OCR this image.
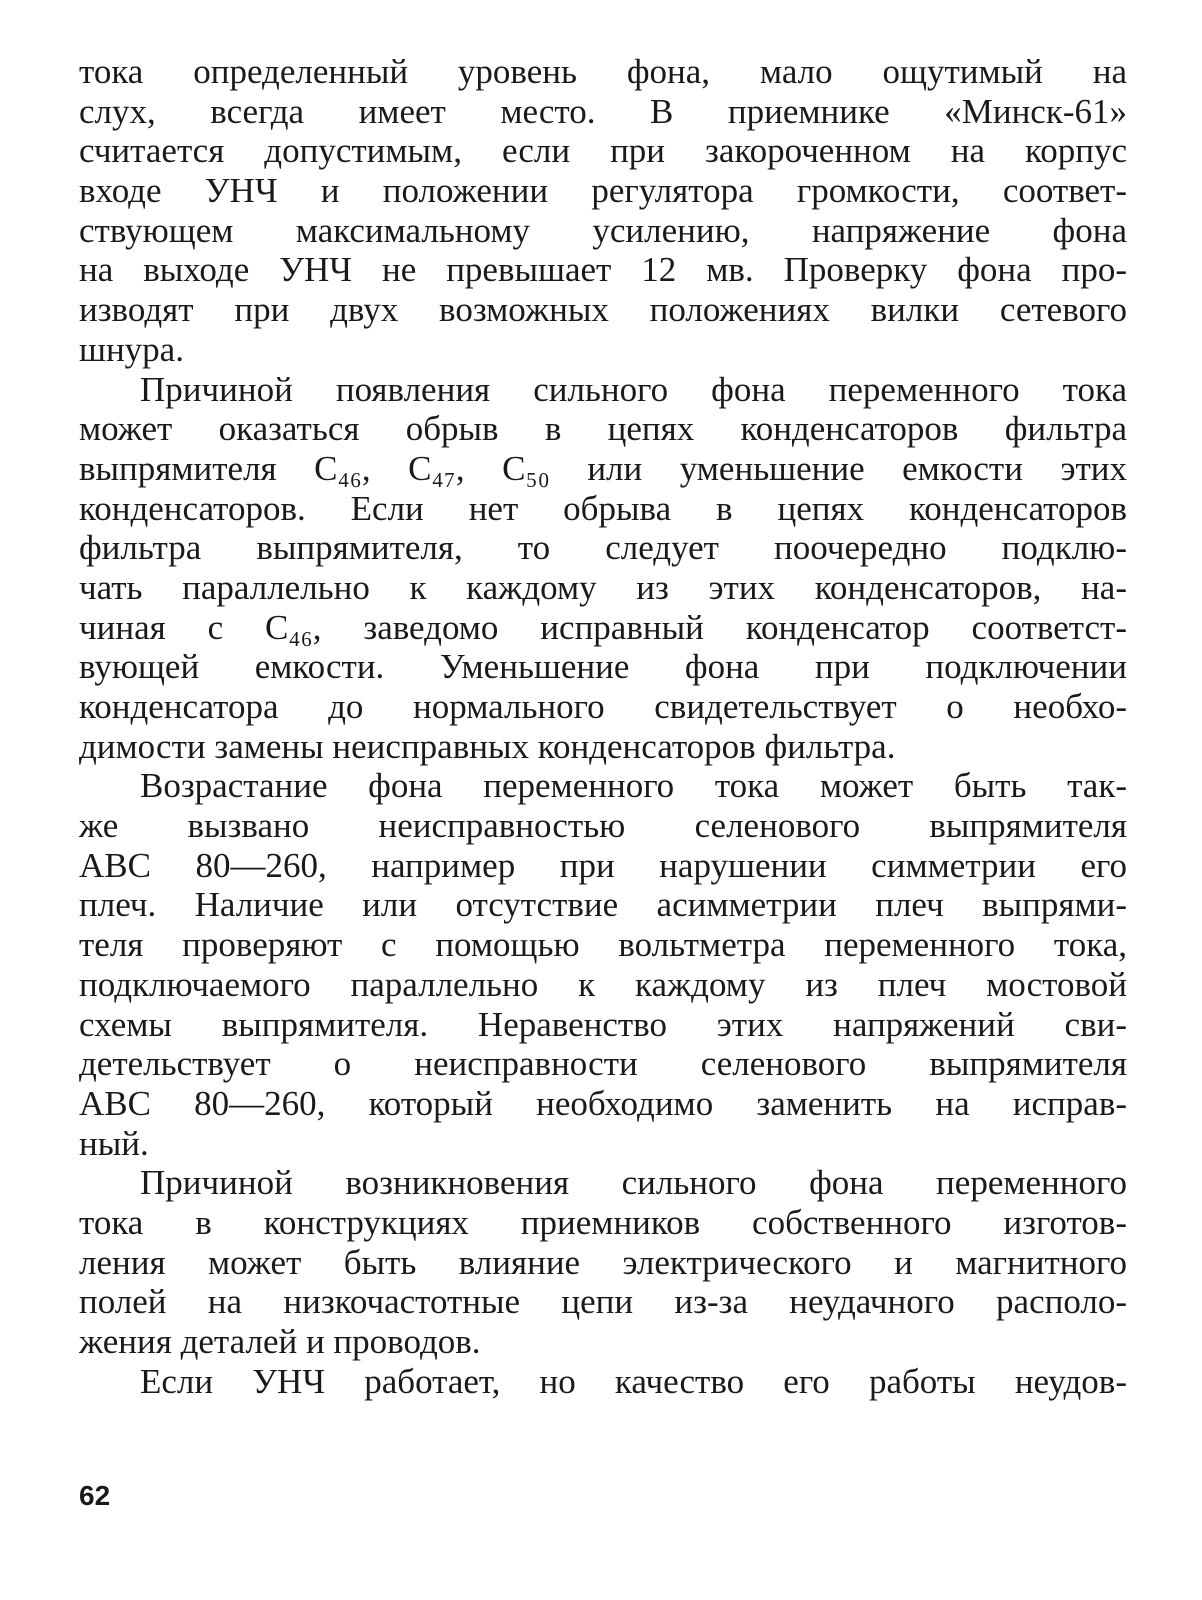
тока определенный уровень фона, мало ощутимый на
слух, всегда имеет место. В приемнике «Минск-61»
считается допустимым, если при закороченном на корпус
входе УНЧ и положении регулятора громкости, соответ-
ствующем максимальному усилению, напряжение фона
на выходе УНЧ не превышает 12 мв. Проверку фона про-
изводят при двух возможных положениях вилки сетевого
шнура.
Причиной появления сильного фона переменного тока
может оказаться обрыв в цепях конденсаторов фильтра
выпрямителя C₄₆, C₄₇, C₅₀ или уменьшение емкости этих
конденсаторов. Если нет обрыва в цепях конденсаторов
фильтра выпрямителя, то следует поочередно подклю-
чать параллельно к каждому из этих конденсаторов, на-
чиная с C₄₆, заведомо исправный конденсатор соответст-
вующей емкости. Уменьшение фона при подключении
конденсатора до нормального свидетельствует о необхо-
димости замены неисправных конденсаторов фильтра.
Возрастание фона переменного тока может быть так-
же вызвано неисправностью селенового выпрямителя
АВС 80—260, например при нарушении симметрии его
плеч. Наличие или отсутствие асимметрии плеч выпрями-
теля проверяют с помощью вольтметра переменного тока,
подключаемого параллельно к каждому из плеч мостовой
схемы выпрямителя. Неравенство этих напряжений сви-
детельствует о неисправности селенового выпрямителя
АВС 80—260, который необходимо заменить на исправ-
ный.
Причиной возникновения сильного фона переменного
тока в конструкциях приемников собственного изготов-
ления может быть влияние электрического и магнитного
полей на низкочастотные цепи из-за неудачного располо-
жения деталей и проводов.
Если УНЧ работает, но качество его работы неудов-
62
